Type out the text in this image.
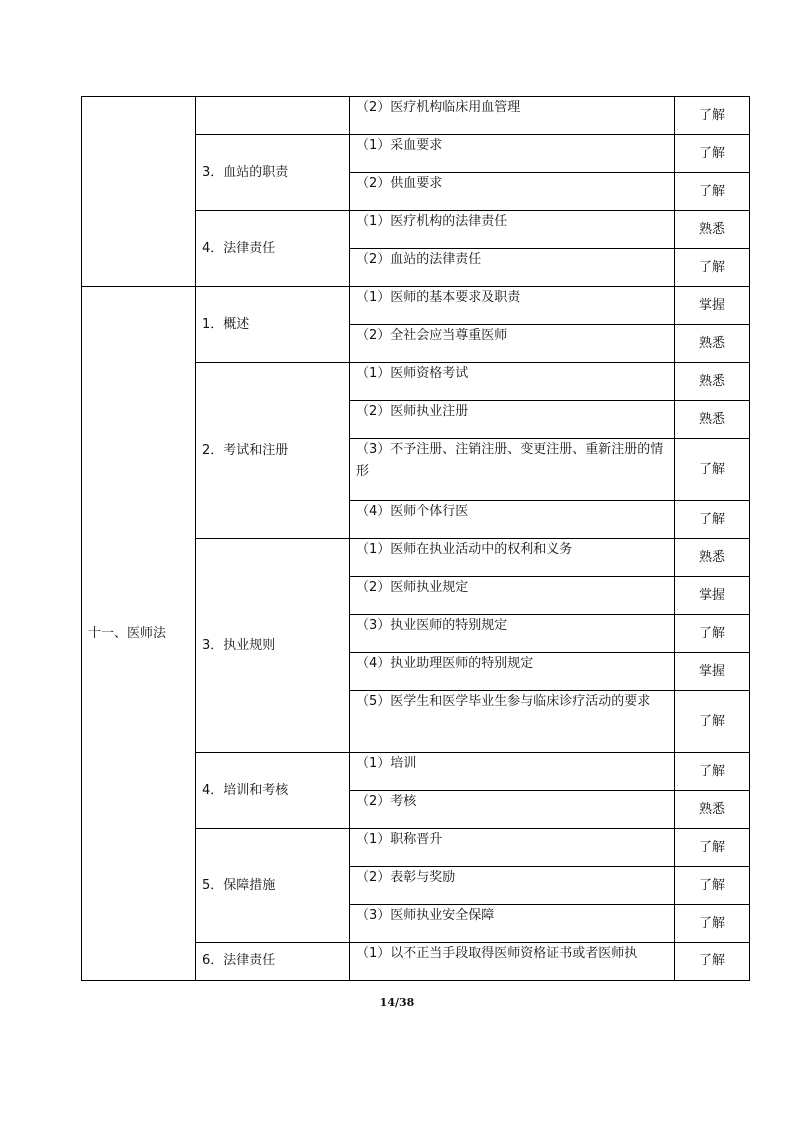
		（2）医疗机构临床用血管理	了解
	3．血站的职责	（1）采血要求	了解
		（2）供血要求	了解
	4．法律责任	（1）医疗机构的法律责任	熟悉
		（2）血站的法律责任	了解
十一、医师法	1．概述	（1）医师的基本要求及职责	掌握
		（2）全社会应当尊重医师	熟悉
	2．考试和注册	（1）医师资格考试	熟悉
		（2）医师执业注册	熟悉
		（3）不予注册、注销注册、变更注册、重新注册的情形	了解
		（4）医师个体行医	了解
	3．执业规则	（1）医师在执业活动中的权利和义务	熟悉
		（2）医师执业规定	掌握
		（3）执业医师的特别规定	了解
		（4）执业助理医师的特别规定	掌握
		（5）医学生和医学毕业生参与临床诊疗活动的要求	了解
	4．培训和考核	（1）培训	了解
		（2）考核	熟悉
	5．保障措施	（1）职称晋升	了解
		（2）表彰与奖励	了解
		（3）医师执业安全保障	了解
	6．法律责任	（1）以不正当手段取得医师资格证书或者医师执	了解
14/38
